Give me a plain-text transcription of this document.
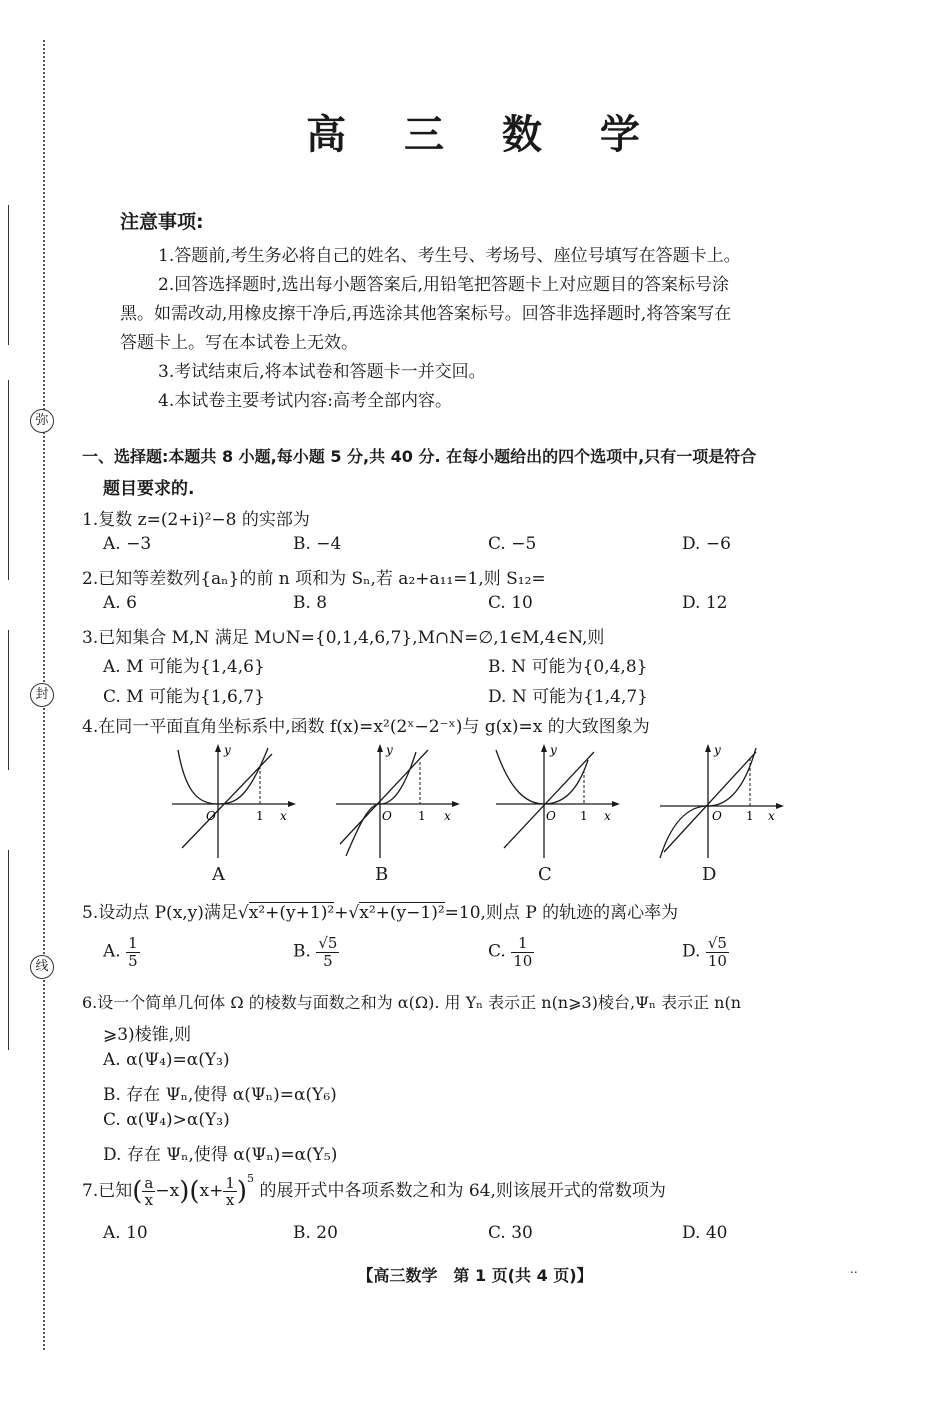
弥
封
线
高 三 数 学
注意事项:
1.答题前,考生务必将自己的姓名、考生号、考场号、座位号填写在答题卡上。
2.回答选择题时,选出每小题答案后,用铅笔把答题卡上对应题目的答案标号涂
黑。如需改动,用橡皮擦干净后,再选涂其他答案标号。回答非选择题时,将答案写在
答题卡上。写在本试卷上无效。
3.考试结束后,将本试卷和答题卡一并交回。
4.本试卷主要考试内容:高考全部内容。
一、选择题:本题共 8 小题,每小题 5 分,共 40 分. 在每小题给出的四个选项中,只有一项是符合
题目要求的.
1.复数 z=(2+i)²−8 的实部为
A. −3	B. −4	C. −5	D. −6
2.已知等差数列{aₙ}的前 n 项和为 Sₙ,若 a₂+a₁₁=1,则 S₁₂=
A. 6	B. 8	C. 10	D. 12
3.已知集合 M,N 满足 M∪N={0,1,4,6,7},M∩N=∅,1∈M,4∈N,则
A. M 可能为{1,4,6}	B. N 可能为{0,4,8}
C. M 可能为{1,6,7}	D. N 可能为{1,4,7}
4.在同一平面直角坐标系中,函数 f(x)=x²(2ˣ−2⁻ˣ)与 g(x)=x 的大致图象为
y
x
O	1
A
y
x
O 1
B
y
x
O 1
C
y
x
O 1
D
5.设动点 P(x,y)满足√x²+(y+1)²+√x²+(y−1)²=10,则点 P 的轨迹的离心率为
A. $\frac{1}{5}$	B. $\frac{√5}{5}$	C. $\frac{1}{10}$	D. $\frac{√5}{10}$
6.设一个简单几何体 Ω 的棱数与面数之和为 α(Ω). 用 Υₙ 表示正 n(n⩾3)棱台,Ψₙ 表示正 n(n
⩾3)棱锥,则
A. α(Ψ₄)=α(Υ₃)
B. 存在 Ψₙ,使得 α(Ψₙ)=α(Υ₆)
C. α(Ψ₄)>α(Υ₃)
D. 存在 Ψₙ,使得 α(Ψₙ)=α(Υ₅)
7.已知( $\frac{a}{x} -x)(x+ \frac{1}{x} )^5$ 的展开式中各项系数之和为 64,则该展开式的常数项为
A. 10	B. 20	C. 30	D. 40
【高三数学　第 1 页(共 4 页)】	..
